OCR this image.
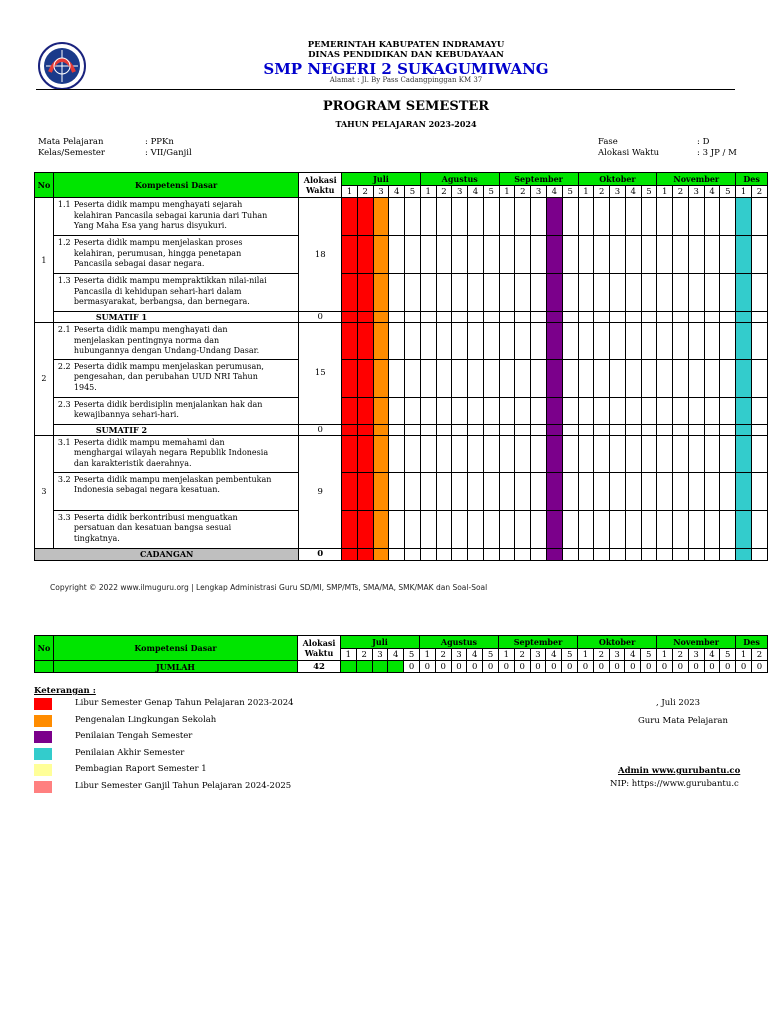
PEMERINTAH KABUPATEN INDRAMAYU
DINAS PENDIDIKAN DAN KEBUDAYAAN
SMP NEGERI 2 SUKAGUMIWANG
Alamat : Jl. By Pass Cadangpinggan KM 37
PROGRAM SEMESTER
TAHUN PELAJARAN 2023-2024
Mata Pelajaran	: PPKn
Kelas/Semester	: VII/Ganjil
Fase	: D
Alokasi Waktu	: 3 JP / M
No	Kompetensi Dasar	Alokasi Waktu	Juli					Agustus					September					Oktober					November					Des	
			1	2	3	4	5	1	2	3	4	5	1	2	3	4	5	1	2	3	4	5	1	2	3	4	5	1	2
1	1.1 Peserta didik mampu menghayati sejarah kelahiran Pancasila sebagai karunia dari Tuhan Yang Maha Esa yang harus disyukuri.	18																											
	1.2 Peserta didik mampu menjelaskan proses kelahiran, perumusan, hingga penetapan Pancasila sebagai dasar negara.																												
	1.3 Peserta didik mampu mempraktikkan nilai-nilai Pancasila di kehidupan sehari-hari dalam bermasyarakat, berbangsa, dan bernegara.																												
	SUMATIF 1	0																											
2	2.1 Peserta didik mampu menghayati dan menjelaskan pentingnya norma dan hubungannya dengan Undang-Undang Dasar.	15																											
	2.2 Peserta didik mampu menjelaskan perumusan, pengesahan, dan perubahan UUD NRI Tahun 1945.																												
	2.3 Peserta didik berdisiplin menjalankan hak dan kewajibannya sehari-hari.																												
	SUMATIF 2	0																											
3	3.1 Peserta didik mampu memahami dan menghargai wilayah negara Republik Indonesia dan karakteristik daerahnya.	9																											
	3.2 Peserta didik mampu menjelaskan pembentukan Indonesia sebagai negara kesatuan.																												
	3.3 Peserta didik berkontribusi menguatkan persatuan dan kesatuan bangsa sesuai tingkatnya.																												
CADANGAN		0																											
Copyright © 2022 www.ilmuguru.org | Lengkap Administrasi Guru SD/MI, SMP/MTs, SMA/MA, SMK/MAK dan Soal-Soal
No	Kompetensi Dasar	Alokasi Waktu	Juli					Agustus					September					Oktober					November					Des	
			1	2	3	4	5	1	2	3	4	5	1	2	3	4	5	1	2	3	4	5	1	2	3	4	5	1	2
	JUMLAH	42					0	0	0	0	0	0	0	0	0	0	0	0	0	0	0	0	0	0	0	0	0	0	0
Keterangan :
Libur Semester Genap Tahun Pelajaran 2023-2024
Pengenalan Lingkungan Sekolah
Penilaian Tengah Semester
Penilaian Akhir Semester
Pembagian Raport Semester 1
Libur Semester Ganjil Tahun Pelajaran 2024-2025
, Juli 2023
Guru Mata Pelajaran
Admin www.gurubantu.co
NIP: https://www.gurubantu.c
